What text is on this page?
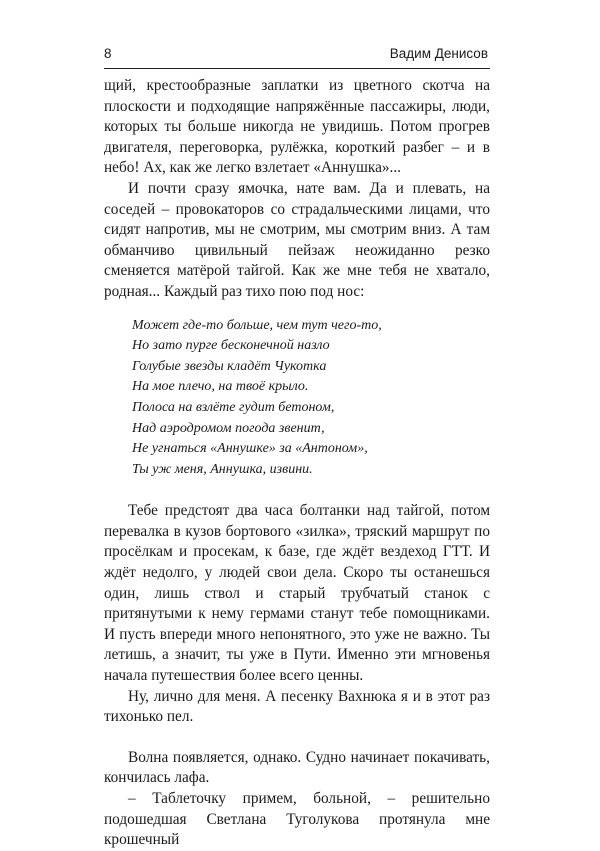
8	Вадим Денисов

щий, крестообразные заплатки из цветного скотча на плоскости и подходящие напряжённые пассажиры, люди, которых ты больше никогда не увидишь. Потом прогрев двигателя, переговорка, рулёжка, короткий разбег – и в небо! Ах, как же легко взлетает «Аннушка»...

И почти сразу ямочка, нате вам. Да и плевать, на соседей – провокаторов со страдальческими лицами, что сидят напротив, мы не смотрим, мы смотрим вниз. А там обманчиво цивильный пейзаж неожиданно резко сменяется матёрой тайгой. Как же мне тебя не хватало, родная... Каждый раз тихо пою под нос:

Может где-то больше, чем тут чего-то,
Но зато пурге бесконечной назло
Голубые звезды кладёт Чукотка
На мое плечо, на твоё крыло.
Полоса на взлёте гудит бетоном,
Над аэродромом погода звенит,
Не угнаться «Аннушке» за «Антоном»,
Ты уж меня, Аннушка, извини.

Тебе предстоят два часа болтанки над тайгой, потом перевалка в кузов бортового «зилка», тряский маршрут по просёлкам и просекам, к базе, где ждёт вездеход ГТТ. И ждёт недолго, у людей свои дела. Скоро ты останешься один, лишь ствол и старый трубчатый станок с притянутыми к нему гермами станут тебе помощниками. И пусть впереди много непонятного, это уже не важно. Ты летишь, а значит, ты уже в Пути. Именно эти мгновенья начала путешествия более всего ценны.

Ну, лично для меня. А песенку Вахнюка я и в этот раз тихонько пел.

Волна появляется, однако. Судно начинает покачивать, кончилась лафа.

– Таблеточку примем, больной, – решительно подошедшая Светлана Туголукова протянула мне крошечный
